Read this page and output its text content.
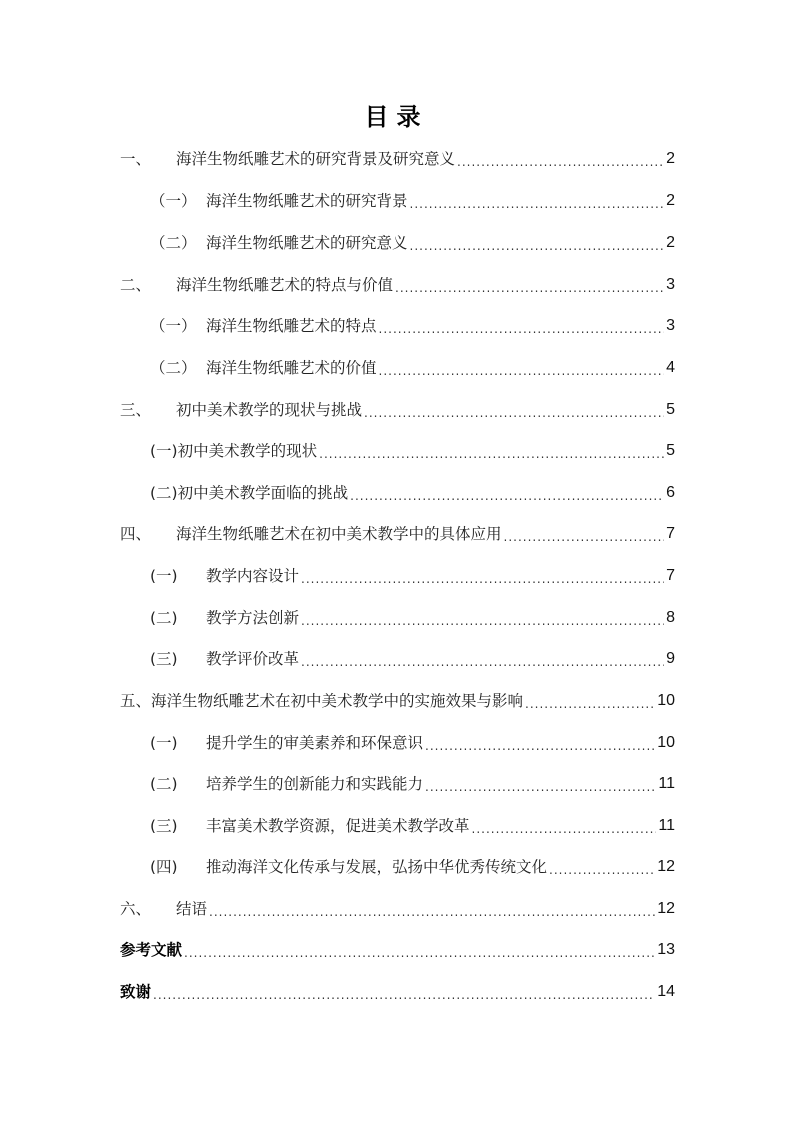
目录
一、	海洋生物纸雕艺术的研究背景及研究意义 .....	2
（一） 海洋生物纸雕艺术的研究背景 .....	2
（二） 海洋生物纸雕艺术的研究意义 .....	2
二、	海洋生物纸雕艺术的特点与价值 .....	3
（一） 海洋生物纸雕艺术的特点 .....	3
（二） 海洋生物纸雕艺术的价值 .....	4
三、	初中美术教学的现状与挑战 .....	5
(一) 初中美术教学的现状 .....	5
(二) 初中美术教学面临的挑战 .....	6
四、	海洋生物纸雕艺术在初中美术教学中的具体应用 .....	7
(一)	教学内容设计 .....	7
(二)	教学方法创新 .....	8
(三)	教学评价改革 .....	9
五、 海洋生物纸雕艺术在初中美术教学中的实施效果与影响 .....	10
(一)	提升学生的审美素养和环保意识 .....	10
(二)	培养学生的创新能力和实践能力 .....	11
(三)	丰富美术教学资源，促进美术教学改革 .....	11
(四)	推动海洋文化传承与发展，弘扬中华优秀传统文化 .....	12
六、	结语 .....	12
参考文献 .....	13
致谢 .....	14
